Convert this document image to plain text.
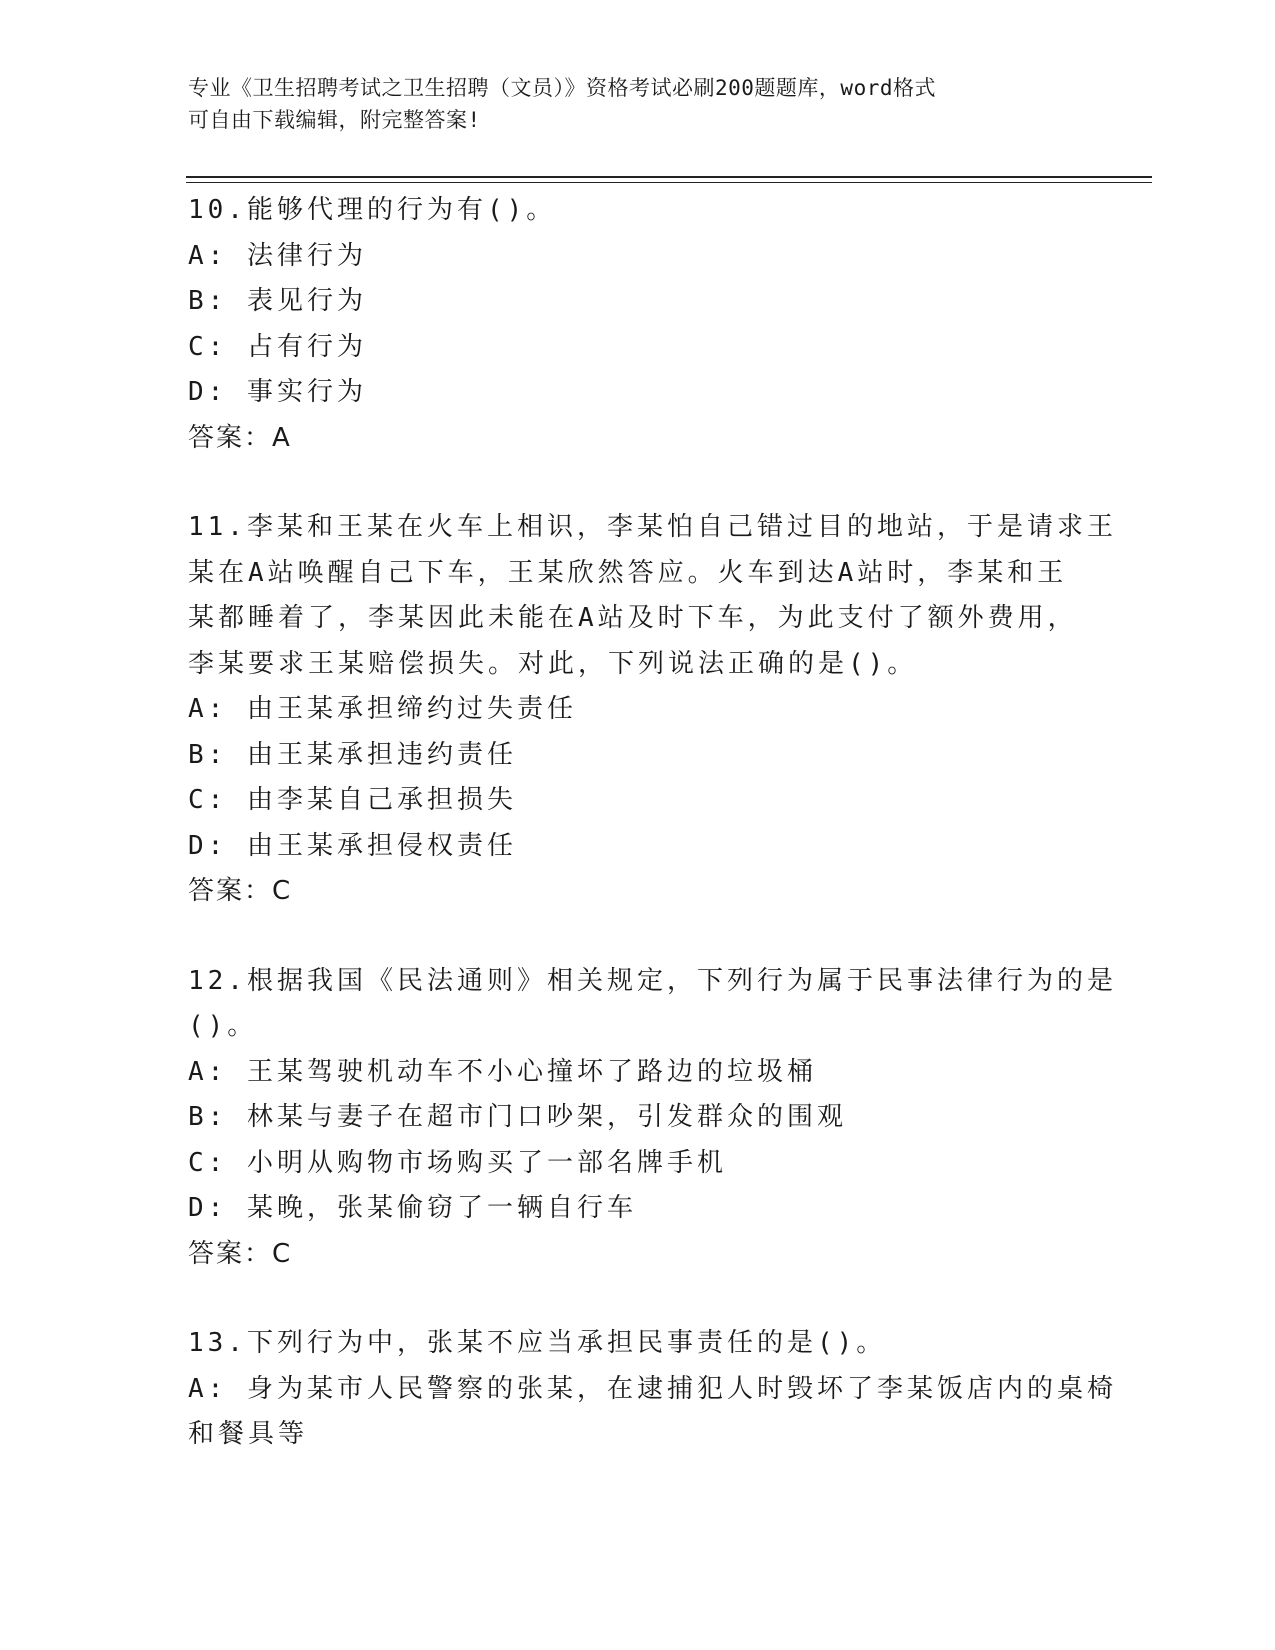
专业《卫生招聘考试之卫生招聘（文员）》资格考试必刷200题题库，word格式
可自由下载编辑，附完整答案!
10.能够代理的行为有()。
A: 法律行为
B: 表见行为
C: 占有行为
D: 事实行为
答案：A
11.李某和王某在火车上相识，李某怕自己错过目的地站，于是请求王
某在A站唤醒自己下车，王某欣然答应。火车到达A站时，李某和王
某都睡着了，李某因此未能在A站及时下车，为此支付了额外费用，
李某要求王某赔偿损失。对此，下列说法正确的是()。
A: 由王某承担缔约过失责任
B: 由王某承担违约责任
C: 由李某自己承担损失
D: 由王某承担侵权责任
答案：C
12.根据我国《民法通则》相关规定，下列行为属于民事法律行为的是
()。
A: 王某驾驶机动车不小心撞坏了路边的垃圾桶
B: 林某与妻子在超市门口吵架，引发群众的围观
C: 小明从购物市场购买了一部名牌手机
D: 某晚，张某偷窃了一辆自行车
答案：C
13.下列行为中，张某不应当承担民事责任的是()。
A: 身为某市人民警察的张某，在逮捕犯人时毁坏了李某饭店内的桌椅
和餐具等
